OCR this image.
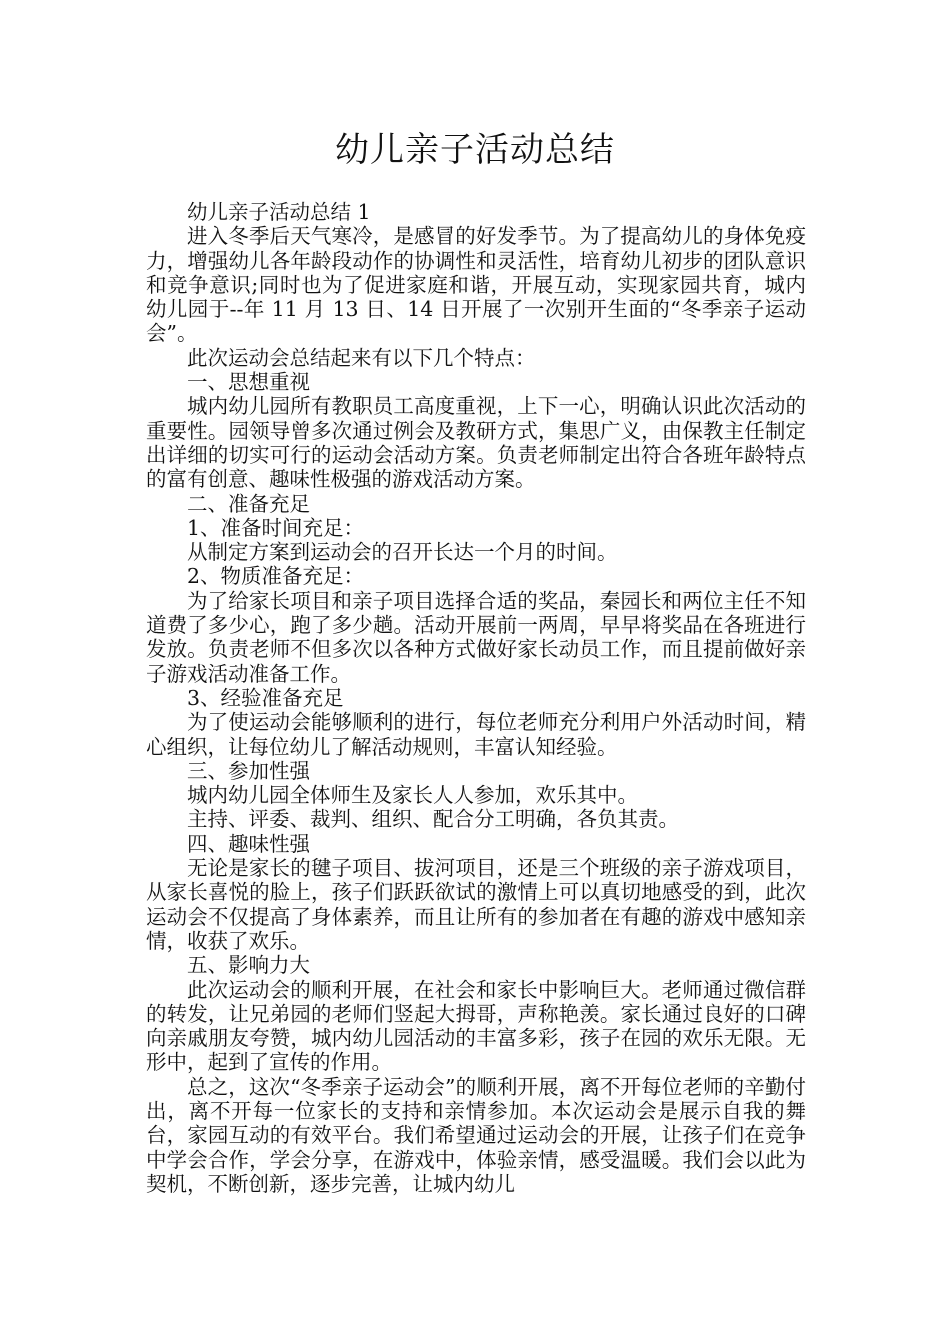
幼儿亲子活动总结

幼儿亲子活动总结 1

进入冬季后天气寒冷，是感冒的好发季节。为了提高幼儿的身体免疫力，增强幼儿各年龄段动作的协调性和灵活性，培育幼儿初步的团队意识和竞争意识;同时也为了促进家庭和谐，开展互动，实现家园共育，城内幼儿园于--年 11 月 13 日、14 日开展了一次别开生面的“冬季亲子运动会”。

此次运动会总结起来有以下几个特点：

一、思想重视

城内幼儿园所有教职员工高度重视，上下一心，明确认识此次活动的重要性。园领导曾多次通过例会及教研方式，集思广义，由保教主任制定出详细的切实可行的运动会活动方案。负责老师制定出符合各班年龄特点的富有创意、趣味性极强的游戏活动方案。

二、准备充足

1、准备时间充足：

从制定方案到运动会的召开长达一个月的时间。

2、物质准备充足：

为了给家长项目和亲子项目选择合适的奖品，秦园长和两位主任不知道费了多少心，跑了多少趟。活动开展前一两周，早早将奖品在各班进行发放。负责老师不但多次以各种方式做好家长动员工作，而且提前做好亲子游戏活动准备工作。

3、经验准备充足

为了使运动会能够顺利的进行，每位老师充分利用户外活动时间，精心组织，让每位幼儿了解活动规则，丰富认知经验。

三、参加性强

城内幼儿园全体师生及家长人人参加，欢乐其中。

主持、评委、裁判、组织、配合分工明确，各负其责。

四、趣味性强

无论是家长的毽子项目、拔河项目，还是三个班级的亲子游戏项目，从家长喜悦的脸上，孩子们跃跃欲试的激情上可以真切地感受的到，此次运动会不仅提高了身体素养，而且让所有的参加者在有趣的游戏中感知亲情，收获了欢乐。

五、影响力大

此次运动会的顺利开展，在社会和家长中影响巨大。老师通过微信群的转发，让兄弟园的老师们竖起大拇哥，声称艳羡。家长通过良好的口碑向亲戚朋友夸赞，城内幼儿园活动的丰富多彩，孩子在园的欢乐无限。无形中，起到了宣传的作用。

总之，这次“冬季亲子运动会”的顺利开展，离不开每位老师的辛勤付出，离不开每一位家长的支持和亲情参加。本次运动会是展示自我的舞台，家园互动的有效平台。我们希望通过运动会的开展，让孩子们在竞争中学会合作，学会分享，在游戏中，体验亲情，感受温暖。我们会以此为契机，不断创新，逐步完善，让城内幼儿
